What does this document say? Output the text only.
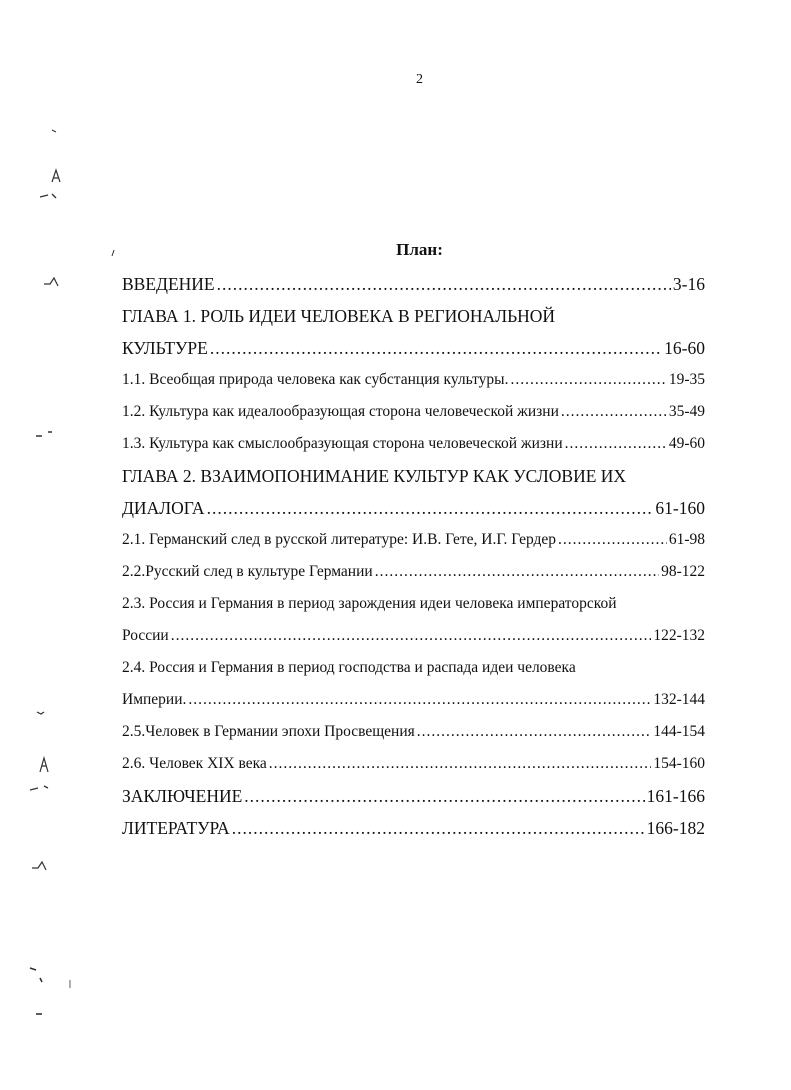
2
План:
ВВЕДЕНИЕ .....	3-16
ГЛАВА 1. РОЛЬ ИДЕИ ЧЕЛОВЕКА В РЕГИОНАЛЬНОЙ
КУЛЬТУРЕ .....	16-60
1.1. Всеобщая природа человека как субстанция культуры. .....	19-35
1.2. Культура как идеалообразующая сторона человеческой жизни .....	35-49
1.3. Культура как смыслообразующая сторона человеческой жизни .....	49-60
ГЛАВА 2. ВЗАИМОПОНИМАНИЕ КУЛЬТУР КАК УСЛОВИЕ ИХ
ДИАЛОГА .....	61-160
2.1. Германский след в русской литературе: И.В. Гете, И.Г. Гердер .....	61-98
2.2.Русский след в культуре Германии .....	98-122
2.3. Россия и Германия в период зарождения идеи человека императорской
России .....	122-132
2.4. Россия и Германия в период господства и распада идеи человека
Империи. .....	132-144
2.5.Человек в Германии эпохи Просвещения .....	144-154
2.6. Человек XIX века .....	154-160
ЗАКЛЮЧЕНИЕ .....	161-166
ЛИТЕРАТУРА .....	166-182
